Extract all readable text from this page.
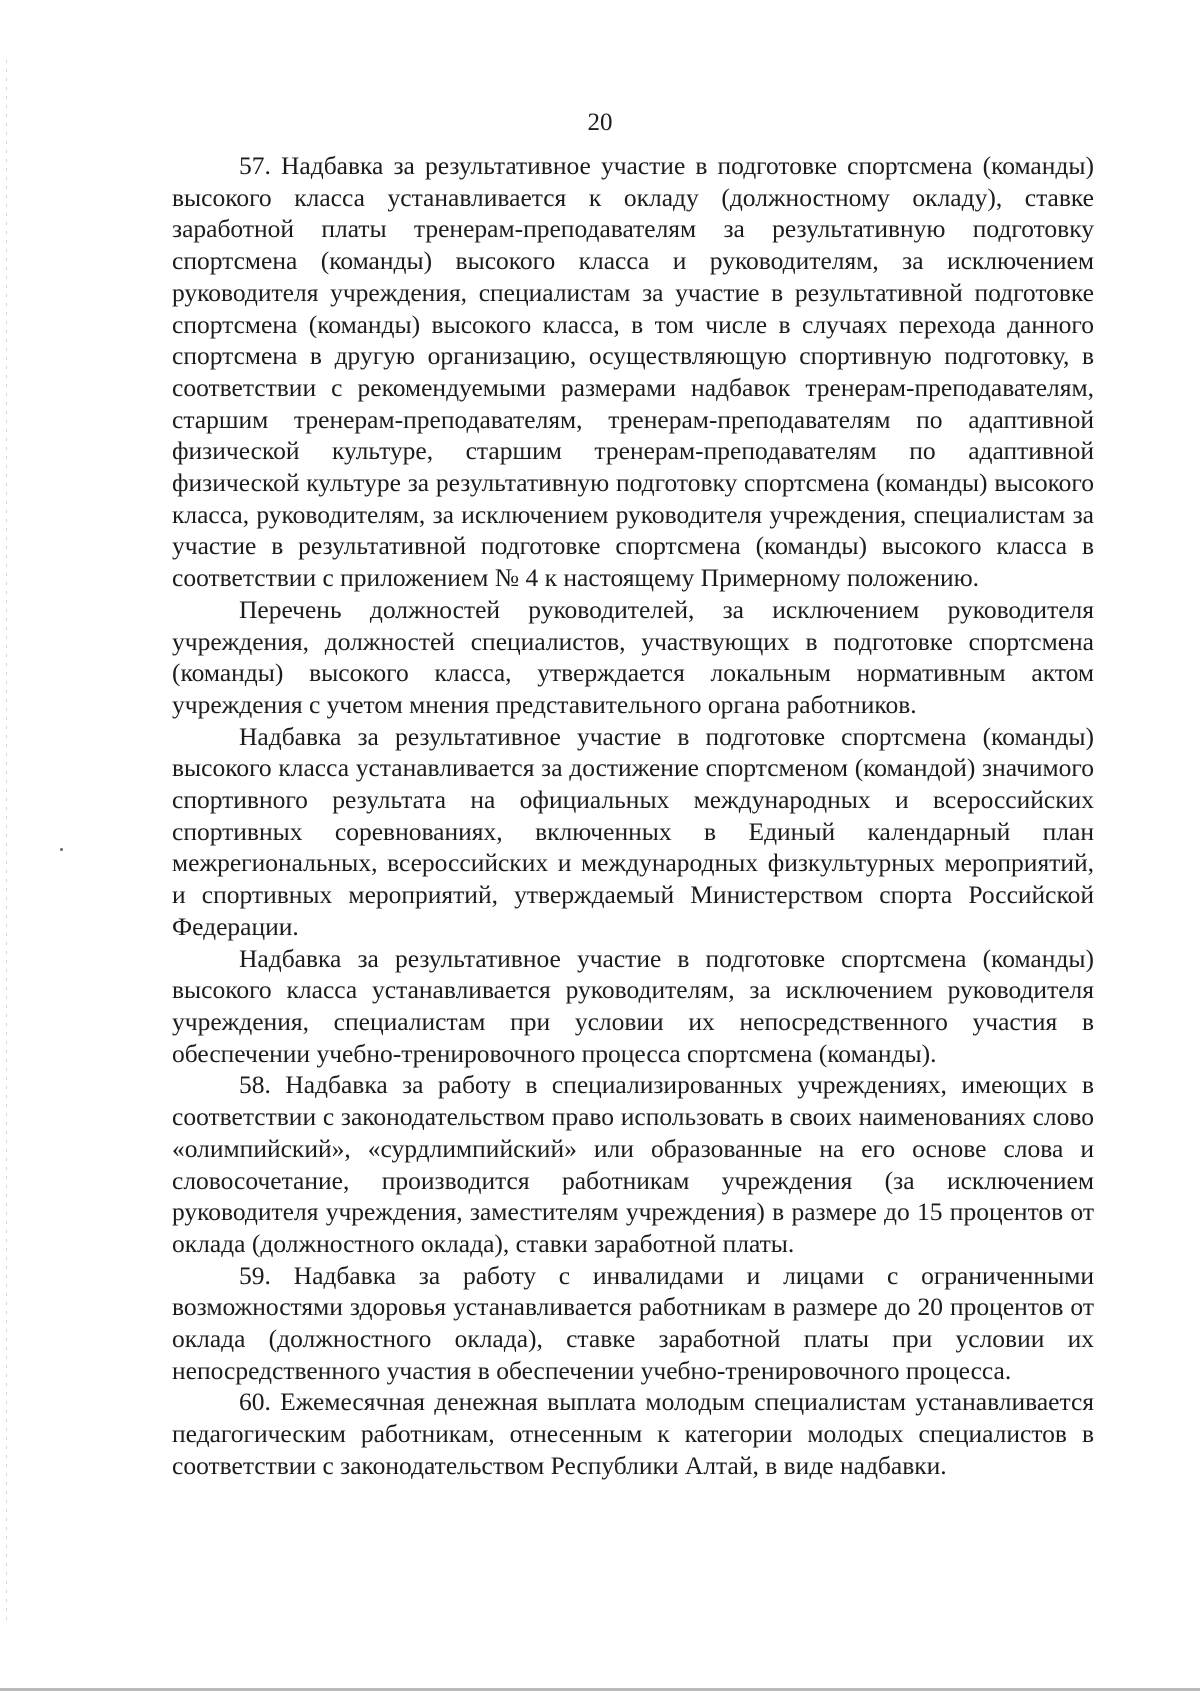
20

57. Надбавка за результативное участие в подготовке спортсмена (команды) высокого класса устанавливается к окладу (должностному окладу), ставке заработной платы тренерам-преподавателям за результативную подготовку спортсмена (команды) высокого класса и руководителям, за исключением руководителя учреждения, специалистам за участие в результативной подготовке спортсмена (команды) высокого класса, в том числе в случаях перехода данного спортсмена в другую организацию, осуществляющую спортивную подготовку, в соответствии с рекомендуемыми размерами надбавок тренерам-преподавателям, старшим тренерам-преподавателям, тренерам-преподавателям по адаптивной физической культуре, старшим тренерам-преподавателям по адаптивной физической культуре за результативную подготовку спортсмена (команды) высокого класса, руководителям, за исключением руководителя учреждения, специалистам за участие в результативной подготовке спортсмена (команды) высокого класса в соответствии с приложением № 4 к настоящему Примерному положению.

Перечень должностей руководителей, за исключением руководителя учреждения, должностей специалистов, участвующих в подготовке спортсмена (команды) высокого класса, утверждается локальным нормативным актом учреждения с учетом мнения представительного органа работников.

Надбавка за результативное участие в подготовке спортсмена (команды) высокого класса устанавливается за достижение спортсменом (командой) значимого спортивного результата на официальных международных и всероссийских спортивных соревнованиях, включенных в Единый календарный план межрегиональных, всероссийских и международных физкультурных мероприятий, и спортивных мероприятий, утверждаемый Министерством спорта Российской Федерации.

Надбавка за результативное участие в подготовке спортсмена (команды) высокого класса устанавливается руководителям, за исключением руководителя учреждения, специалистам при условии их непосредственного участия в обеспечении учебно-тренировочного процесса спортсмена (команды).

58. Надбавка за работу в специализированных учреждениях, имеющих в соответствии с законодательством право использовать в своих наименованиях слово «олимпийский», «сурдлимпийский» или образованные на его основе слова и словосочетание, производится работникам учреждения (за исключением руководителя учреждения, заместителям учреждения) в размере до 15 процентов от оклада (должностного оклада), ставки заработной платы.

59. Надбавка за работу с инвалидами и лицами с ограниченными возможностями здоровья устанавливается работникам в размере до 20 процентов от оклада (должностного оклада), ставке заработной платы при условии их непосредственного участия в обеспечении учебно-тренировочного процесса.

60. Ежемесячная денежная выплата молодым специалистам устанавливается педагогическим работникам, отнесенным к категории молодых специалистов в соответствии с законодательством Республики Алтай, в виде надбавки.
